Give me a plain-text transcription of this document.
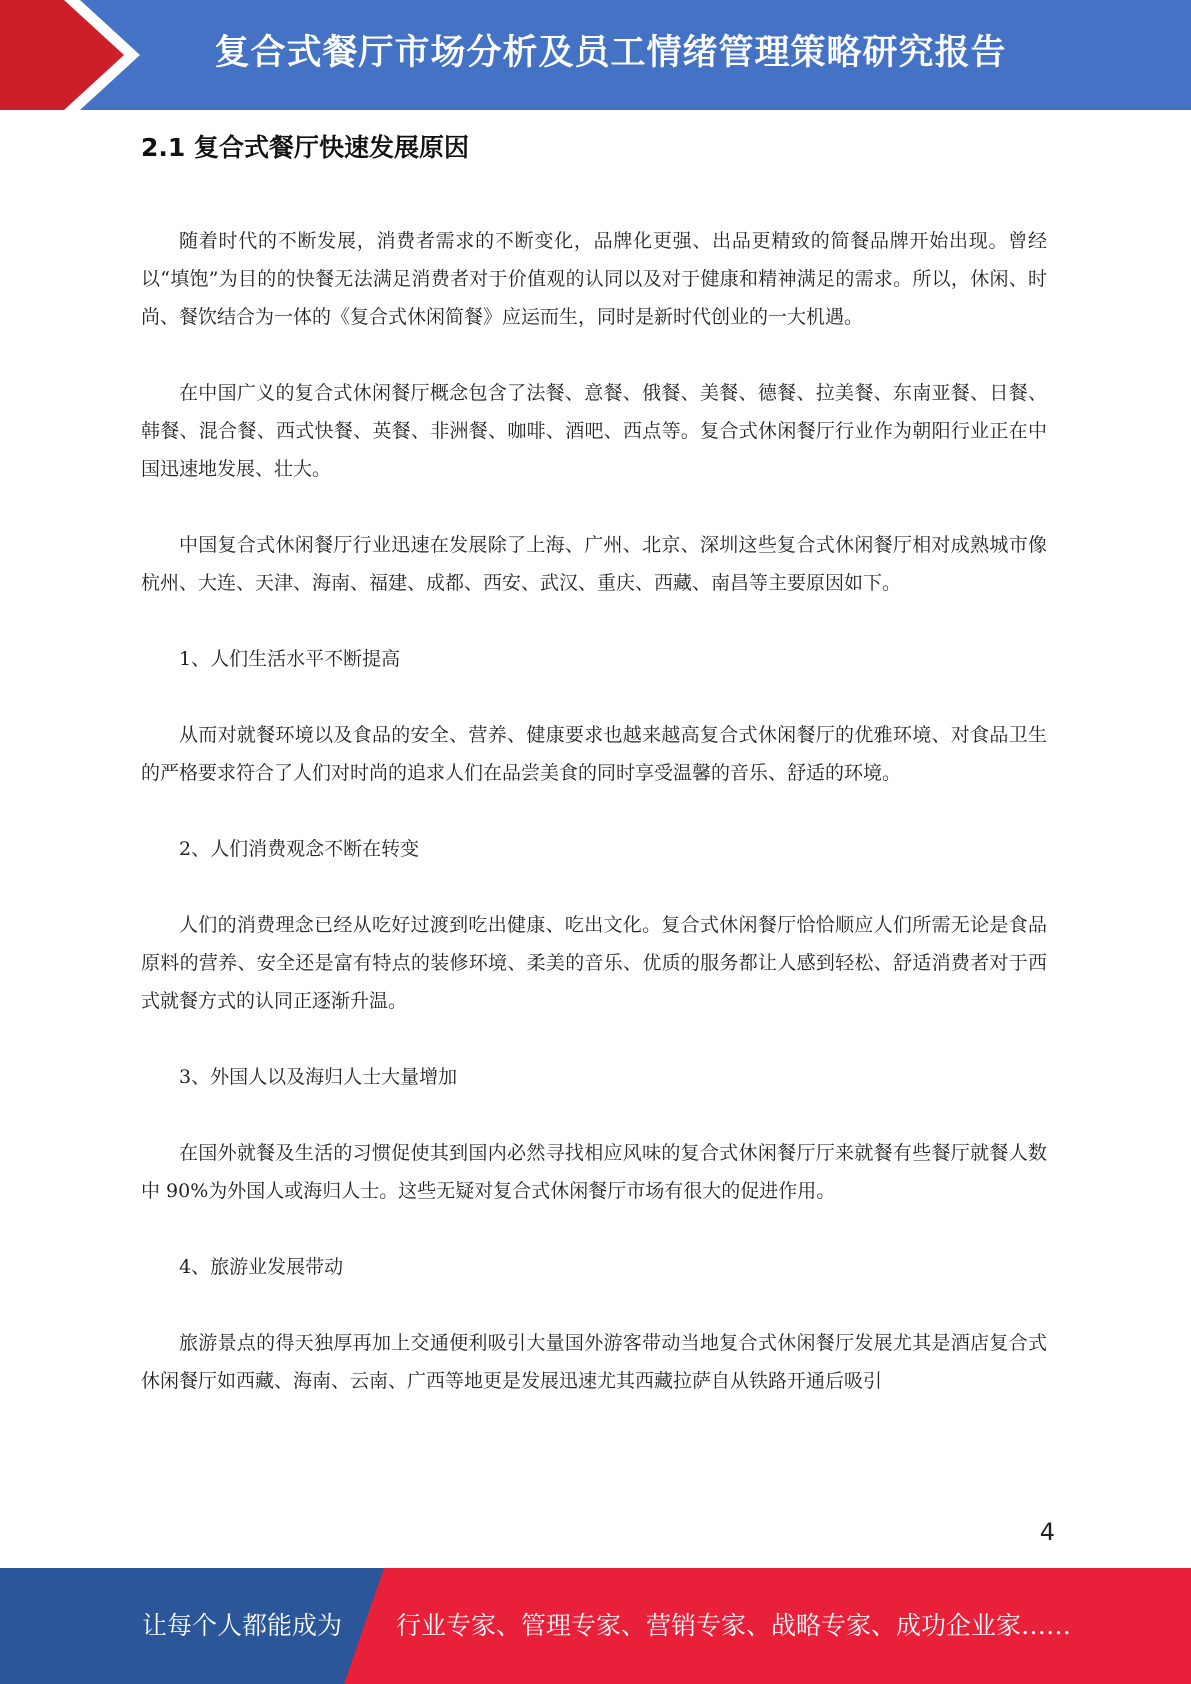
复合式餐厅市场分析及员工情绪管理策略研究报告
2.1 复合式餐厅快速发展原因

随着时代的不断发展，消费者需求的不断变化，品牌化更强、出品更精致的简餐品牌开始出现。曾经以“填饱”为目的的快餐无法满足消费者对于价值观的认同以及对于健康和精神满足的需求。所以，休闲、时尚、餐饮结合为一体的《复合式休闲简餐》应运而生，同时是新时代创业的一大机遇。

在中国广义的复合式休闲餐厅概念包含了法餐、意餐、俄餐、美餐、德餐、拉美餐、东南亚餐、日餐、韩餐、混合餐、西式快餐、英餐、非洲餐、咖啡、酒吧、西点等。复合式休闲餐厅行业作为朝阳行业正在中国迅速地发展、壮大。

中国复合式休闲餐厅行业迅速在发展除了上海、广州、北京、深圳这些复合式休闲餐厅相对成熟城市像杭州、大连、天津、海南、福建、成都、西安、武汉、重庆、西藏、南昌等主要原因如下。

1、人们生活水平不断提高

从而对就餐环境以及食品的安全、营养、健康要求也越来越高复合式休闲餐厅的优雅环境、对食品卫生的严格要求符合了人们对时尚的追求人们在品尝美食的同时享受温馨的音乐、舒适的环境。

2、人们消费观念不断在转变

人们的消费理念已经从吃好过渡到吃出健康、吃出文化。复合式休闲餐厅恰恰顺应人们所需无论是食品原料的营养、安全还是富有特点的装修环境、柔美的音乐、优质的服务都让人感到轻松、舒适消费者对于西式就餐方式的认同正逐渐升温。

3、外国人以及海归人士大量增加

在国外就餐及生活的习惯促使其到国内必然寻找相应风味的复合式休闲餐厅厅来就餐有些餐厅就餐人数中 90%为外国人或海归人士。这些无疑对复合式休闲餐厅市场有很大的促进作用。

4、旅游业发展带动

旅游景点的得天独厚再加上交通便利吸引大量国外游客带动当地复合式休闲餐厅发展尤其是酒店复合式休闲餐厅如西藏、海南、云南、广西等地更是发展迅速尤其西藏拉萨自从铁路开通后吸引

4
让每个人都能成为 行业专家、管理专家、营销专家、战略专家、成功企业家……
